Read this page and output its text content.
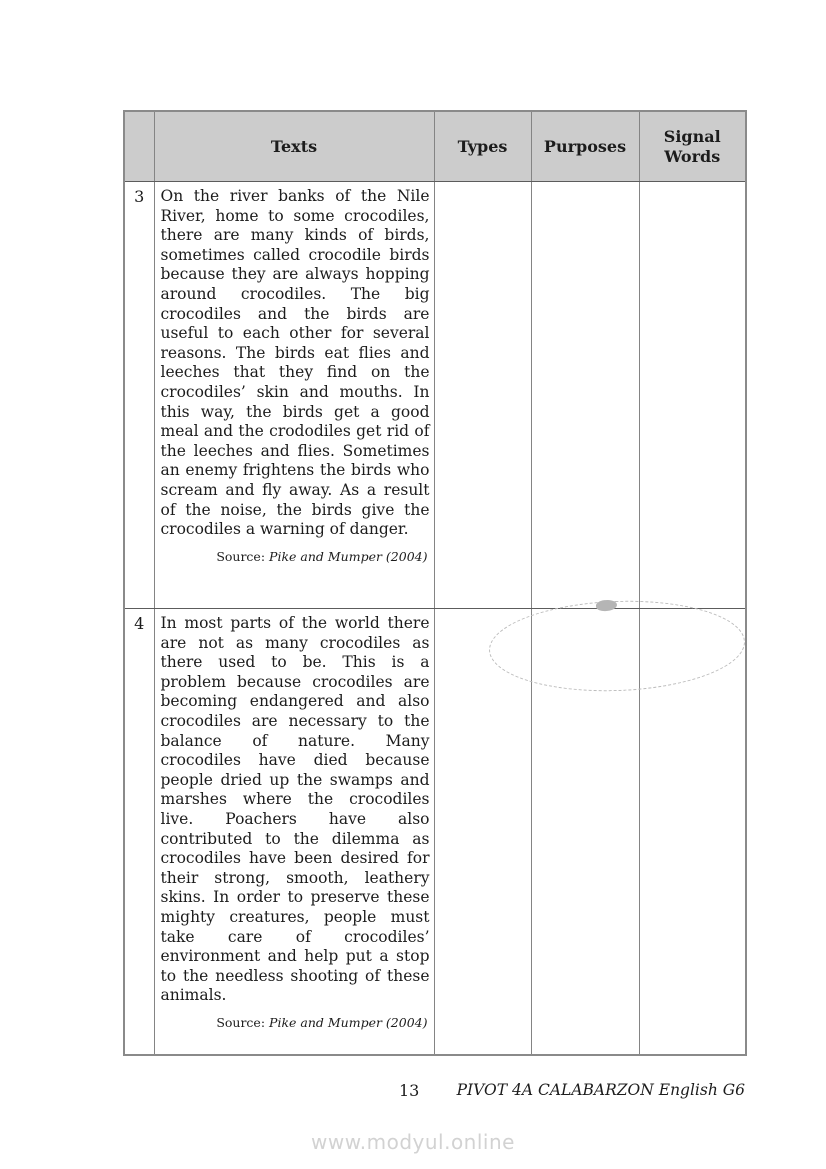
	Texts	Types	Purposes	Signal Words
3	On the river banks of the Nile River, home to some crocodiles, there are many kinds of birds, sometimes called crocodile birds because they are always hopping around crocodiles. The big crocodiles and the birds are useful to each other for several reasons. The birds eat flies and leeches that they find on the crocodiles’ skin and mouths. In this way, the birds get a good meal and the crododiles get rid of the leeches and flies. Sometimes an enemy frightens the birds who scream and fly away. As a result of the noise, the birds give the crocodiles a warning of danger.
Source: Pike and Mumper (2004)			

4	In most parts of the world there are not as many crocodiles as there used to be. This is a problem because crocodiles are becoming endangered and also crocodiles are necessary to the balance of nature. Many crocodiles have died because people dried up the swamps and marshes where the crocodiles live. Poachers have also contributed to the dilemma as crocodiles have been desired for their strong, smooth, leathery skins. In order to preserve these mighty creatures, people must take care of crocodiles’ environment and help put a stop to the needless shooting of these animals.
Source: Pike and Mumper (2004)			

13 PIVOT 4A CALABARZON English G6
www.modyul.online
